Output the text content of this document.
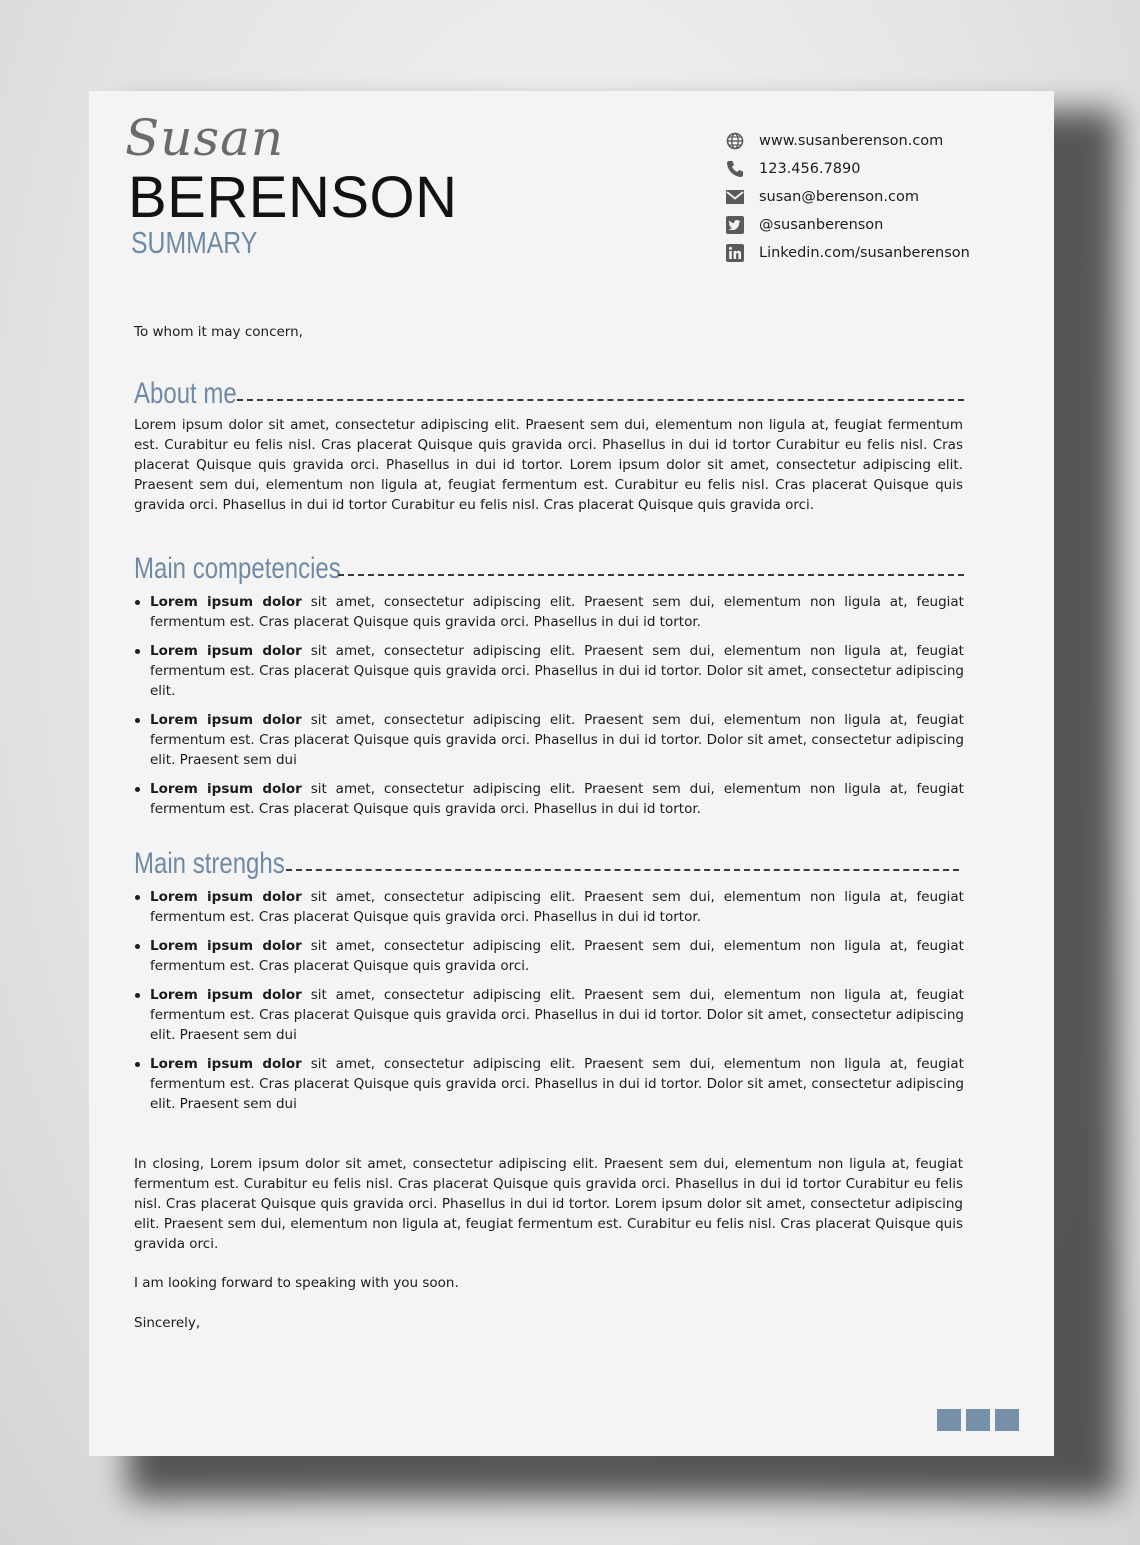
Susan
BERENSON
SUMMARY
www.susanberenson.com
123.456.7890
susan@berenson.com
@susanberenson
Linkedin.com/susanberenson
To whom it may concern,
About me
Lorem ipsum dolor sit amet, consectetur adipiscing elit. Praesent sem dui, elementum non ligula at, feugiat fermentum est. Curabitur eu felis nisl. Cras placerat Quisque quis gravida orci. Phasellus in dui id tortor Curabitur eu felis nisl. Cras placerat Quisque quis gravida orci. Phasellus in dui id tortor. Lorem ipsum dolor sit amet, consectetur adipiscing elit. Praesent sem dui, elementum non ligula at, feugiat fermentum est. Curabitur eu felis nisl. Cras placerat Quisque quis gravida orci. Phasellus in dui id tortor Curabitur eu felis nisl. Cras placerat Quisque quis gravida orci.
Main competencies
Lorem ipsum dolor sit amet, consectetur adipiscing elit. Praesent sem dui, elementum non ligula at, feugiat fermentum est. Cras placerat Quisque quis gravida orci. Phasellus in dui id tortor.
Lorem ipsum dolor sit amet, consectetur adipiscing elit. Praesent sem dui, elementum non ligula at, feugiat fermentum est. Cras placerat Quisque quis gravida orci. Phasellus in dui id tortor. Dolor sit amet, consectetur adipiscing elit.
Lorem ipsum dolor sit amet, consectetur adipiscing elit. Praesent sem dui, elementum non ligula at, feugiat fermentum est. Cras placerat Quisque quis gravida orci. Phasellus in dui id tortor. Dolor sit amet, consectetur adipiscing elit. Praesent sem dui
Lorem ipsum dolor sit amet, consectetur adipiscing elit. Praesent sem dui, elementum non ligula at, feugiat fermentum est. Cras placerat Quisque quis gravida orci. Phasellus in dui id tortor.
Main strenghs
Lorem ipsum dolor sit amet, consectetur adipiscing elit. Praesent sem dui, elementum non ligula at, feugiat fermentum est. Cras placerat Quisque quis gravida orci. Phasellus in dui id tortor.
Lorem ipsum dolor sit amet, consectetur adipiscing elit. Praesent sem dui, elementum non ligula at, feugiat fermentum est. Cras placerat Quisque quis gravida orci.
Lorem ipsum dolor sit amet, consectetur adipiscing elit. Praesent sem dui, elementum non ligula at, feugiat fermentum est. Cras placerat Quisque quis gravida orci. Phasellus in dui id tortor. Dolor sit amet, consectetur adipiscing elit. Praesent sem dui
Lorem ipsum dolor sit amet, consectetur adipiscing elit. Praesent sem dui, elementum non ligula at, feugiat fermentum est. Cras placerat Quisque quis gravida orci. Phasellus in dui id tortor. Dolor sit amet, consectetur adipiscing elit. Praesent sem dui
In closing, Lorem ipsum dolor sit amet, consectetur adipiscing elit. Praesent sem dui, elementum non ligula at, feugiat fermentum est. Curabitur eu felis nisl. Cras placerat Quisque quis gravida orci. Phasellus in dui id tortor Curabitur eu felis nisl. Cras placerat Quisque quis gravida orci. Phasellus in dui id tortor. Lorem ipsum dolor sit amet, consectetur adipiscing elit. Praesent sem dui, elementum non ligula at, feugiat fermentum est. Curabitur eu felis nisl. Cras placerat Quisque quis gravida orci.
I am looking forward to speaking with you soon.
Sincerely,
